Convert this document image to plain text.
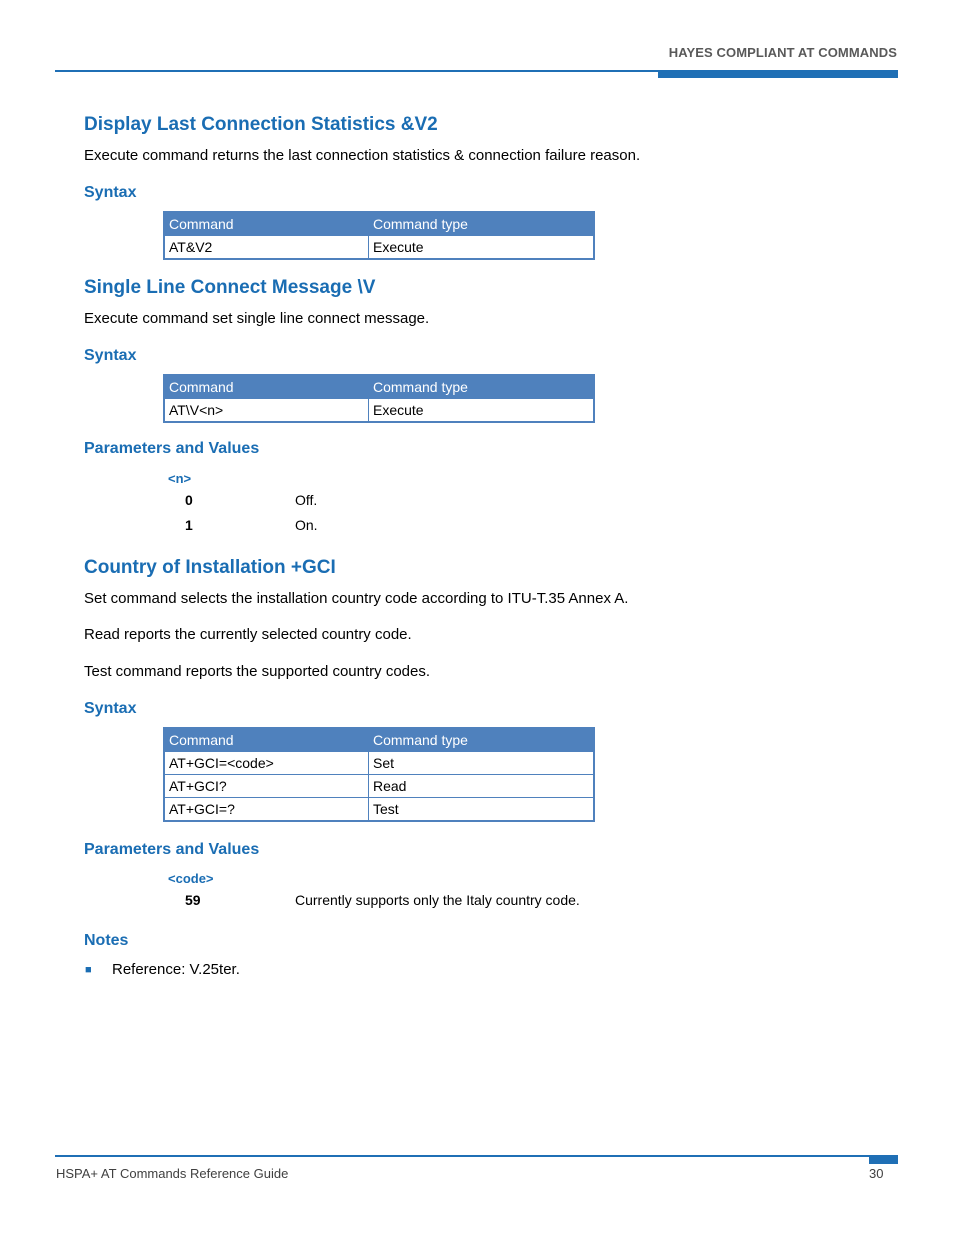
HAYES COMPLIANT AT COMMANDS
Display Last Connection Statistics &V2
Execute command returns the last connection statistics & connection failure reason.
Syntax
Command	Command type
AT&V2	Execute
Single Line Connect Message \V
Execute command set single line connect message.
Syntax
Command	Command type
AT\V<n>	Execute
Parameters and Values
<n>
0	Off.
1	On.
Country of Installation +GCI
Set command selects the installation country code according to ITU-T.35 Annex A.
Read reports the currently selected country code.
Test command reports the supported country codes.
Syntax
Command	Command type
AT+GCI=<code>	Set
AT+GCI?	Read
AT+GCI=?	Test
Parameters and Values
<code>
59	Currently supports only the Italy country code.
Notes
■ Reference: V.25ter.
HSPA+ AT Commands Reference Guide	30
